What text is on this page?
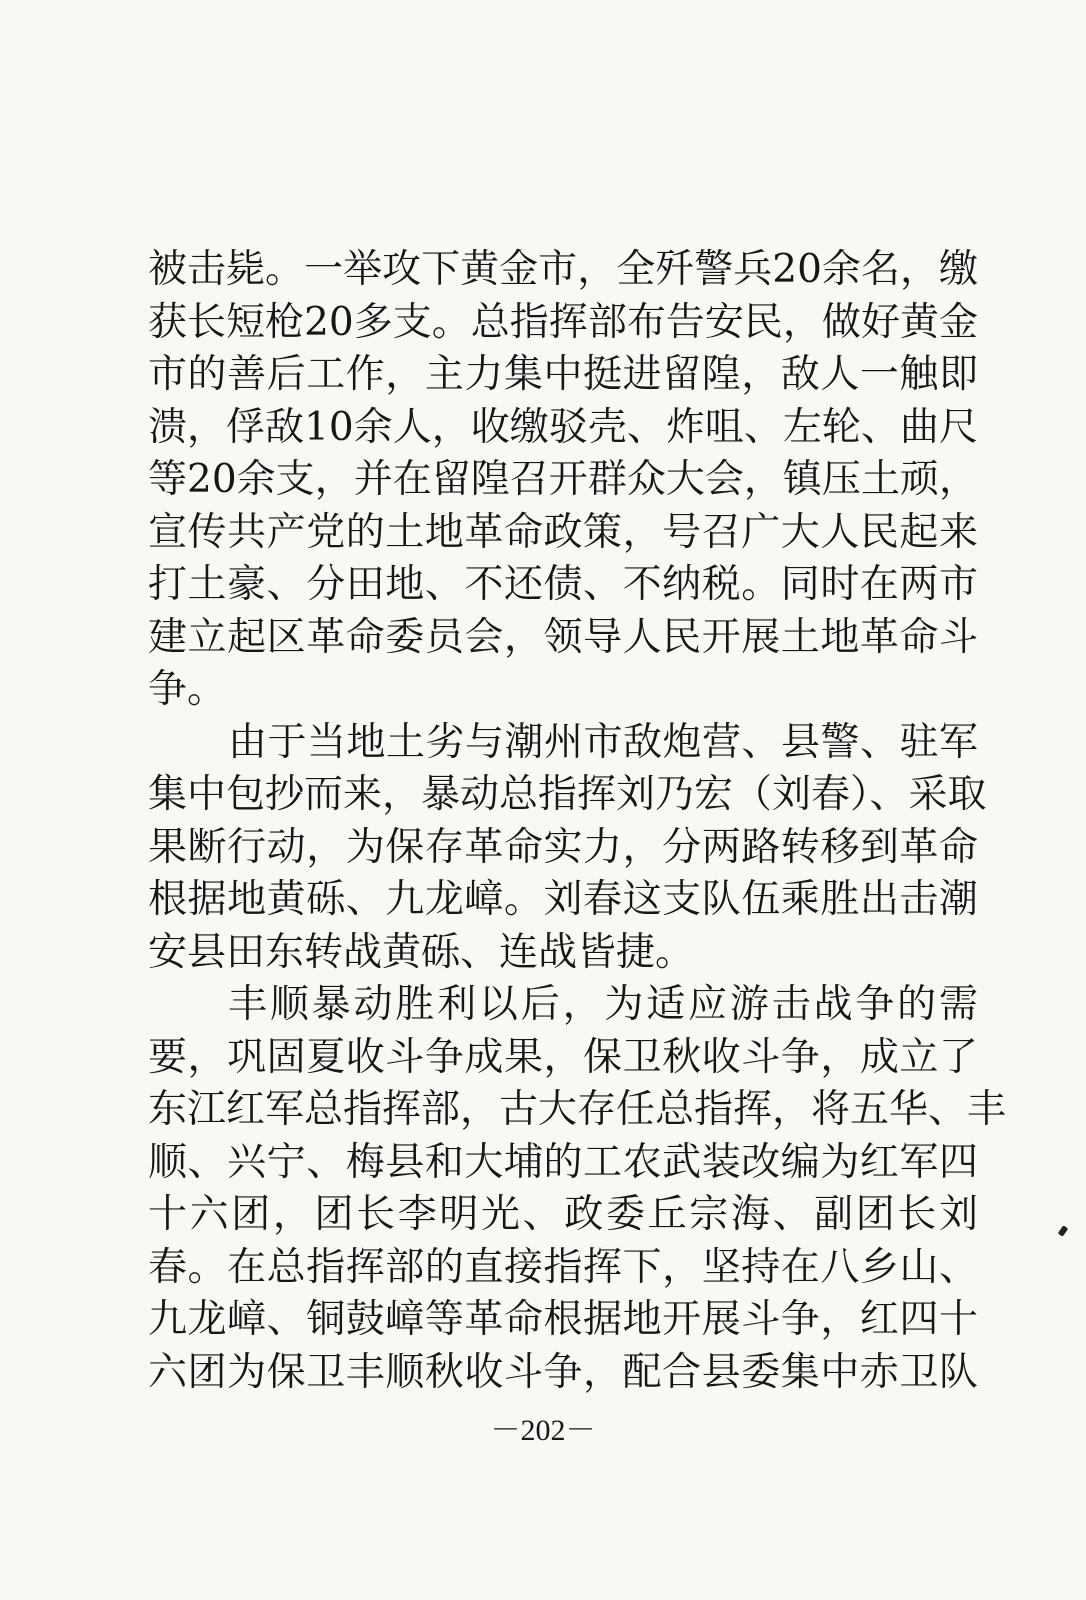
被击毙。一举攻下黄金市，全歼警兵20余名，缴
获长短枪20多支。总指挥部布告安民，做好黄金
市的善后工作，主力集中挺进留隍，敌人一触即
溃，俘敌10余人，收缴驳壳、炸咀、左轮、曲尺
等20余支，并在留隍召开群众大会，镇压土顽，
宣传共产党的土地革命政策，号召广大人民起来
打土豪、分田地、不还债、不纳税。同时在两市
建立起区革命委员会，领导人民开展土地革命斗
争。
由于当地土劣与潮州市敌炮营、县警、驻军
集中包抄而来，暴动总指挥刘乃宏（刘春）、采取
果断行动，为保存革命实力，分两路转移到革命
根据地黄砾、九龙嶂。刘春这支队伍乘胜出击潮
安县田东转战黄砾、连战皆捷。
丰顺暴动胜利以后，为适应游击战争的需
要，巩固夏收斗争成果，保卫秋收斗争，成立了
东江红军总指挥部，古大存任总指挥，将五华、丰
顺、兴宁、梅县和大埔的工农武装改编为红军四
十六团，团长李明光、政委丘宗海、副团长刘
春。在总指挥部的直接指挥下，坚持在八乡山、
九龙嶂、铜鼓嶂等革命根据地开展斗争，红四十
六团为保卫丰顺秋收斗争，配合县委集中赤卫队
－202－
